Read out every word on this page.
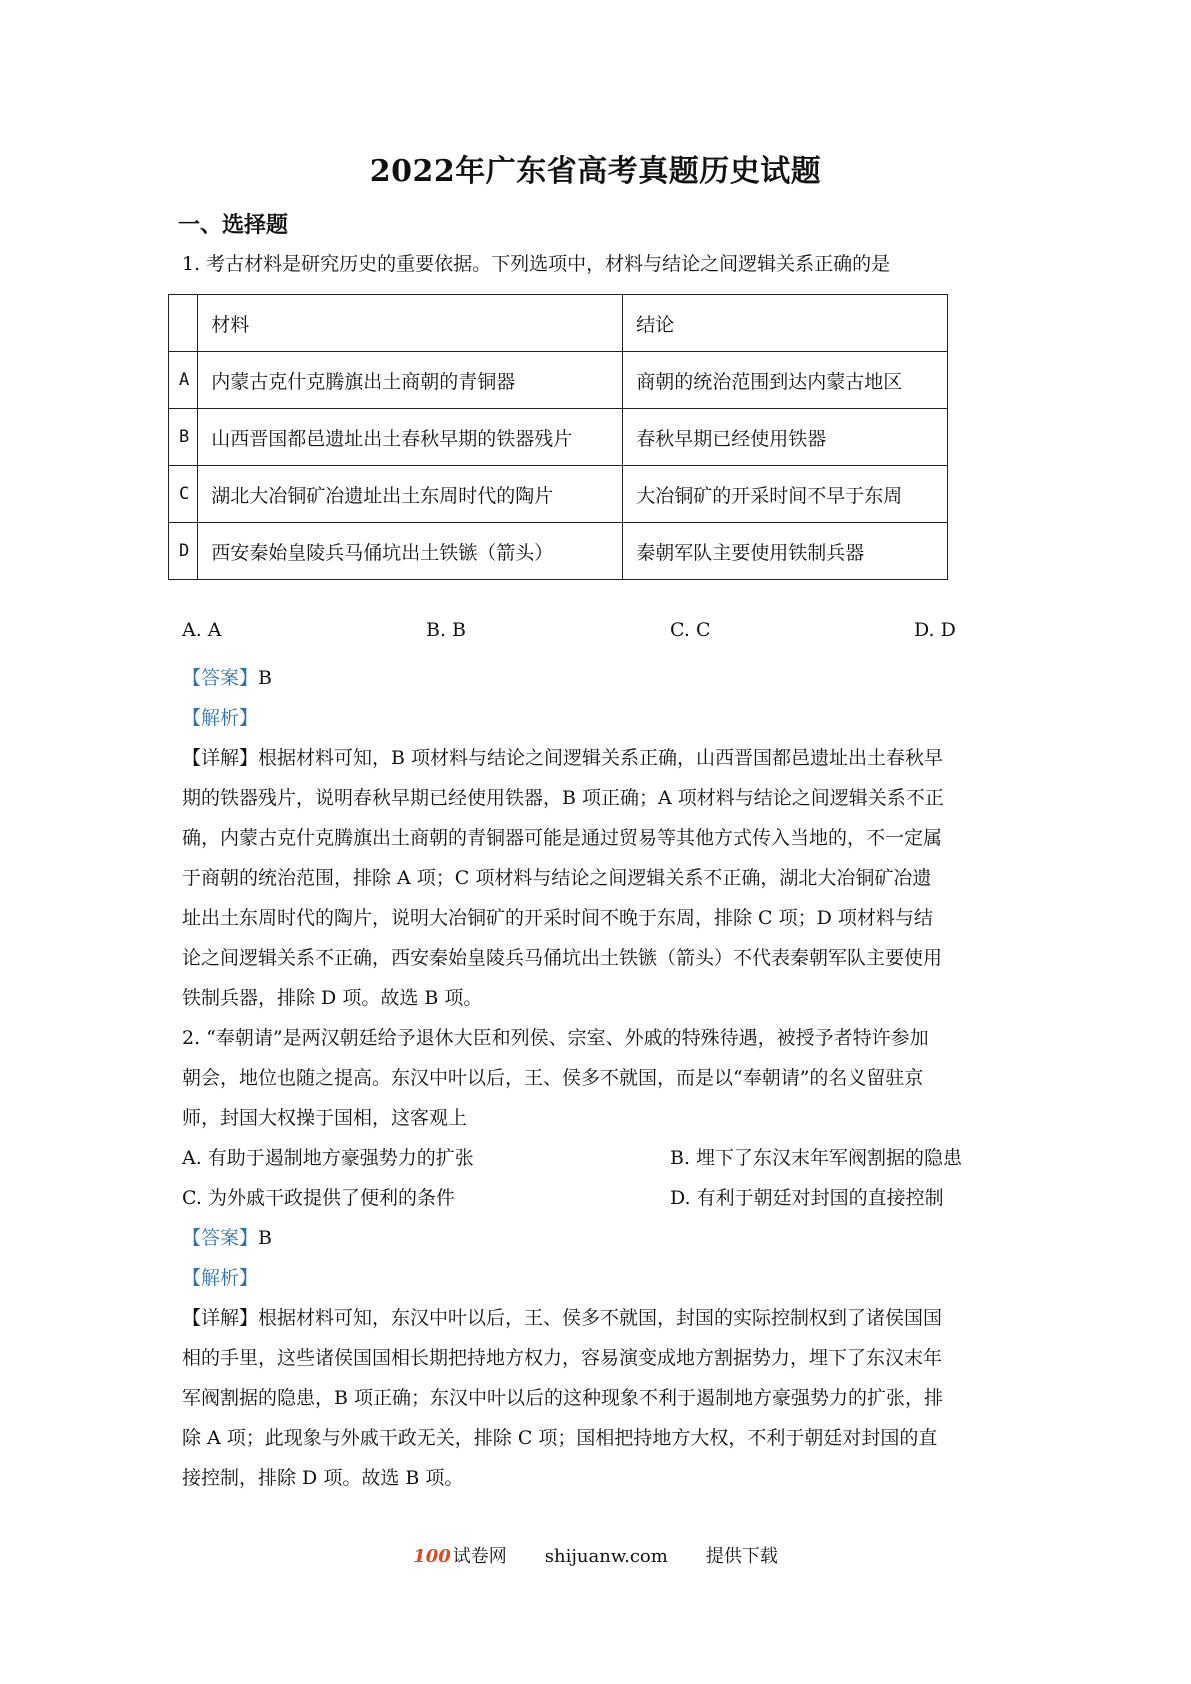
2022年广东省高考真题历史试题
一、选择题
1. 考古材料是研究历史的重要依据。下列选项中，材料与结论之间逻辑关系正确的是
	材料	结论
A	内蒙古克什克腾旗出土商朝的青铜器	商朝的统治范围到达内蒙古地区
B	山西晋国都邑遗址出土春秋早期的铁器残片	春秋早期已经使用铁器
C	湖北大冶铜矿冶遗址出土东周时代的陶片	大冶铜矿的开采时间不早于东周
D	西安秦始皇陵兵马俑坑出土铁镞（箭头）	秦朝军队主要使用铁制兵器
A. A	B. B	C. C	D. D
【答案】B
【解析】
【详解】根据材料可知，B 项材料与结论之间逻辑关系正确，山西晋国都邑遗址出土春秋早
期的铁器残片，说明春秋早期已经使用铁器，B 项正确；A 项材料与结论之间逻辑关系不正
确，内蒙古克什克腾旗出土商朝的青铜器可能是通过贸易等其他方式传入当地的，不一定属
于商朝的统治范围，排除 A 项；C 项材料与结论之间逻辑关系不正确，湖北大冶铜矿冶遗
址出土东周时代的陶片，说明大冶铜矿的开采时间不晚于东周，排除 C 项；D 项材料与结
论之间逻辑关系不正确，西安秦始皇陵兵马俑坑出土铁镞（箭头）不代表秦朝军队主要使用
铁制兵器，排除 D 项。故选 B 项。
2. “奉朝请”是两汉朝廷给予退休大臣和列侯、宗室、外戚的特殊待遇，被授予者特许参加
朝会，地位也随之提高。东汉中叶以后，王、侯多不就国，而是以“奉朝请”的名义留驻京
师，封国大权操于国相，这客观上
A. 有助于遏制地方豪强势力的扩张	B. 埋下了东汉末年军阀割据的隐患
C. 为外戚干政提供了便利的条件	D. 有利于朝廷对封国的直接控制
【答案】B
【解析】
【详解】根据材料可知，东汉中叶以后，王、侯多不就国，封国的实际控制权到了诸侯国国
相的手里，这些诸侯国国相长期把持地方权力，容易演变成地方割据势力，埋下了东汉末年
军阀割据的隐患，B 项正确；东汉中叶以后的这种现象不利于遏制地方豪强势力的扩张，排
除 A 项；此现象与外戚干政无关，排除 C 项；国相把持地方大权，不利于朝廷对封国的直
接控制，排除 D 项。故选 B 项。
100 试卷网 shijuanw.com 提供下载
